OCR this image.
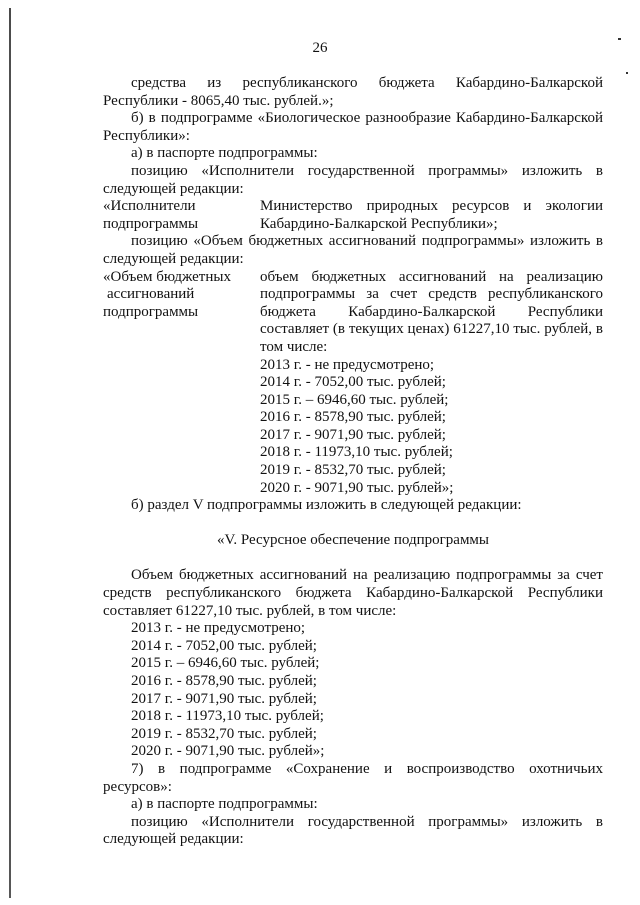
26

средства из республиканского бюджета Кабардино-Балкарской

Республики - 8065,40 тыс. рублей.»;

б) в подпрограмме «Биологическое разнообразие Кабардино-Балкарской

Республики»:

а) в паспорте подпрограммы:

позицию «Исполнители государственной программы» изложить в

следующей редакции:

«Исполнители

подпрограммы

Министерство природных ресурсов и экологии

Кабардино-Балкарской Республики»;

позицию «Объем бюджетных ассигнований подпрограммы» изложить в

следующей редакции:

«Объем бюджетных

ассигнований

подпрограммы

объем бюджетных ассигнований на реализацию

подпрограммы за счет средств республиканского

бюджета Кабардино-Балкарской Республики

составляет (в текущих ценах) 61227,10 тыс. рублей, в

том числе:

2013 г. - не предусмотрено;

2014 г. - 7052,00 тыс. рублей;

2015 г. – 6946,60 тыс. рублей;

2016 г. - 8578,90 тыс. рублей;

2017 г. - 9071,90 тыс. рублей;

2018 г. - 11973,10 тыс. рублей;

2019 г. - 8532,70 тыс. рублей;

2020 г. - 9071,90 тыс. рублей»;

б) раздел V подпрограммы изложить в следующей редакции:

«V. Ресурсное обеспечение подпрограммы

Объем бюджетных ассигнований на реализацию подпрограммы за счет

средств республиканского бюджета Кабардино-Балкарской Республики

составляет 61227,10 тыс. рублей, в том числе:

2013 г. - не предусмотрено;

2014 г. - 7052,00 тыс. рублей;

2015 г. – 6946,60 тыс. рублей;

2016 г. - 8578,90 тыс. рублей;

2017 г. - 9071,90 тыс. рублей;

2018 г. - 11973,10 тыс. рублей;

2019 г. - 8532,70 тыс. рублей;

2020 г. - 9071,90 тыс. рублей»;

7) в подпрограмме «Сохранение и воспроизводство охотничьих

ресурсов»:

а) в паспорте подпрограммы:

позицию «Исполнители государственной программы» изложить в

следующей редакции:
